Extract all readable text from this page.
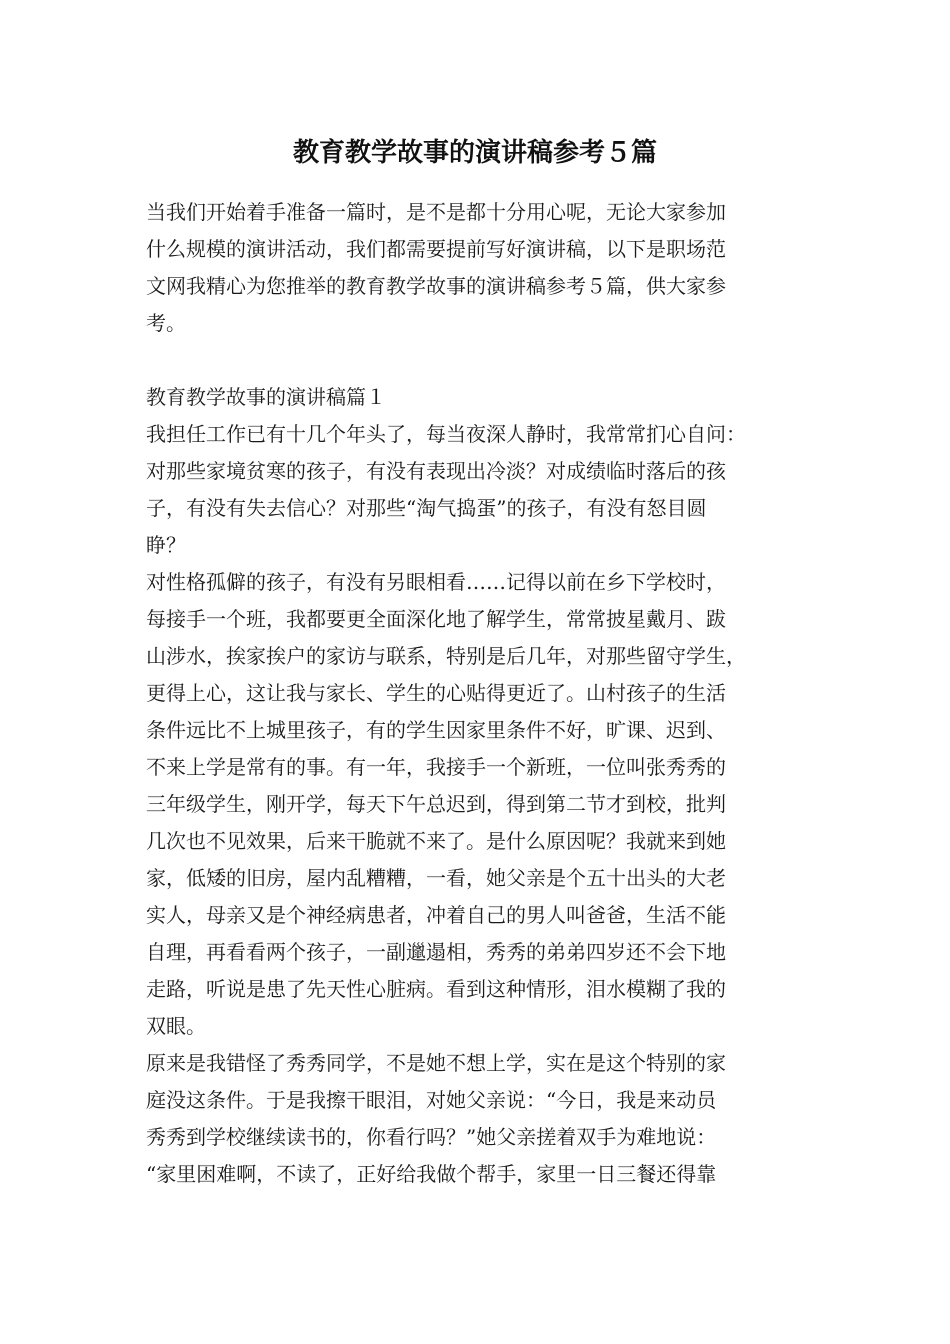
教育教学故事的演讲稿参考５篇
当我们开始着手准备一篇时，是不是都十分用心呢，无论大家参加
什么规模的演讲活动，我们都需要提前写好演讲稿，以下是职场范
文网我精心为您推举的教育教学故事的演讲稿参考５篇，供大家参
考。
教育教学故事的演讲稿篇１
我担任工作已有十几个年头了，每当夜深人静时，我常常扪心自问：
对那些家境贫寒的孩子，有没有表现出冷淡？对成绩临时落后的孩
子，有没有失去信心？对那些“淘气捣蛋”的孩子，有没有怒目圆
睁？
对性格孤僻的孩子，有没有另眼相看……记得以前在乡下学校时，
每接手一个班，我都要更全面深化地了解学生，常常披星戴月、跋
山涉水，挨家挨户的家访与联系，特别是后几年，对那些留守学生，
更得上心，这让我与家长、学生的心贴得更近了。山村孩子的生活
条件远比不上城里孩子，有的学生因家里条件不好，旷课、迟到、
不来上学是常有的事。有一年，我接手一个新班，一位叫张秀秀的
三年级学生，刚开学，每天下午总迟到，得到第二节才到校，批判
几次也不见效果，后来干脆就不来了。是什么原因呢？我就来到她
家，低矮的旧房，屋内乱糟糟，一看，她父亲是个五十出头的大老
实人，母亲又是个神经病患者，冲着自己的男人叫爸爸，生活不能
自理，再看看两个孩子，一副邋遢相，秀秀的弟弟四岁还不会下地
走路，听说是患了先天性心脏病。看到这种情形，泪水模糊了我的
双眼。
原来是我错怪了秀秀同学，不是她不想上学，实在是这个特别的家
庭没这条件。于是我擦干眼泪，对她父亲说：“今日，我是来动员
秀秀到学校继续读书的，你看行吗？”她父亲搓着双手为难地说：
“家里困难啊，不读了，正好给我做个帮手，家里一日三餐还得靠
